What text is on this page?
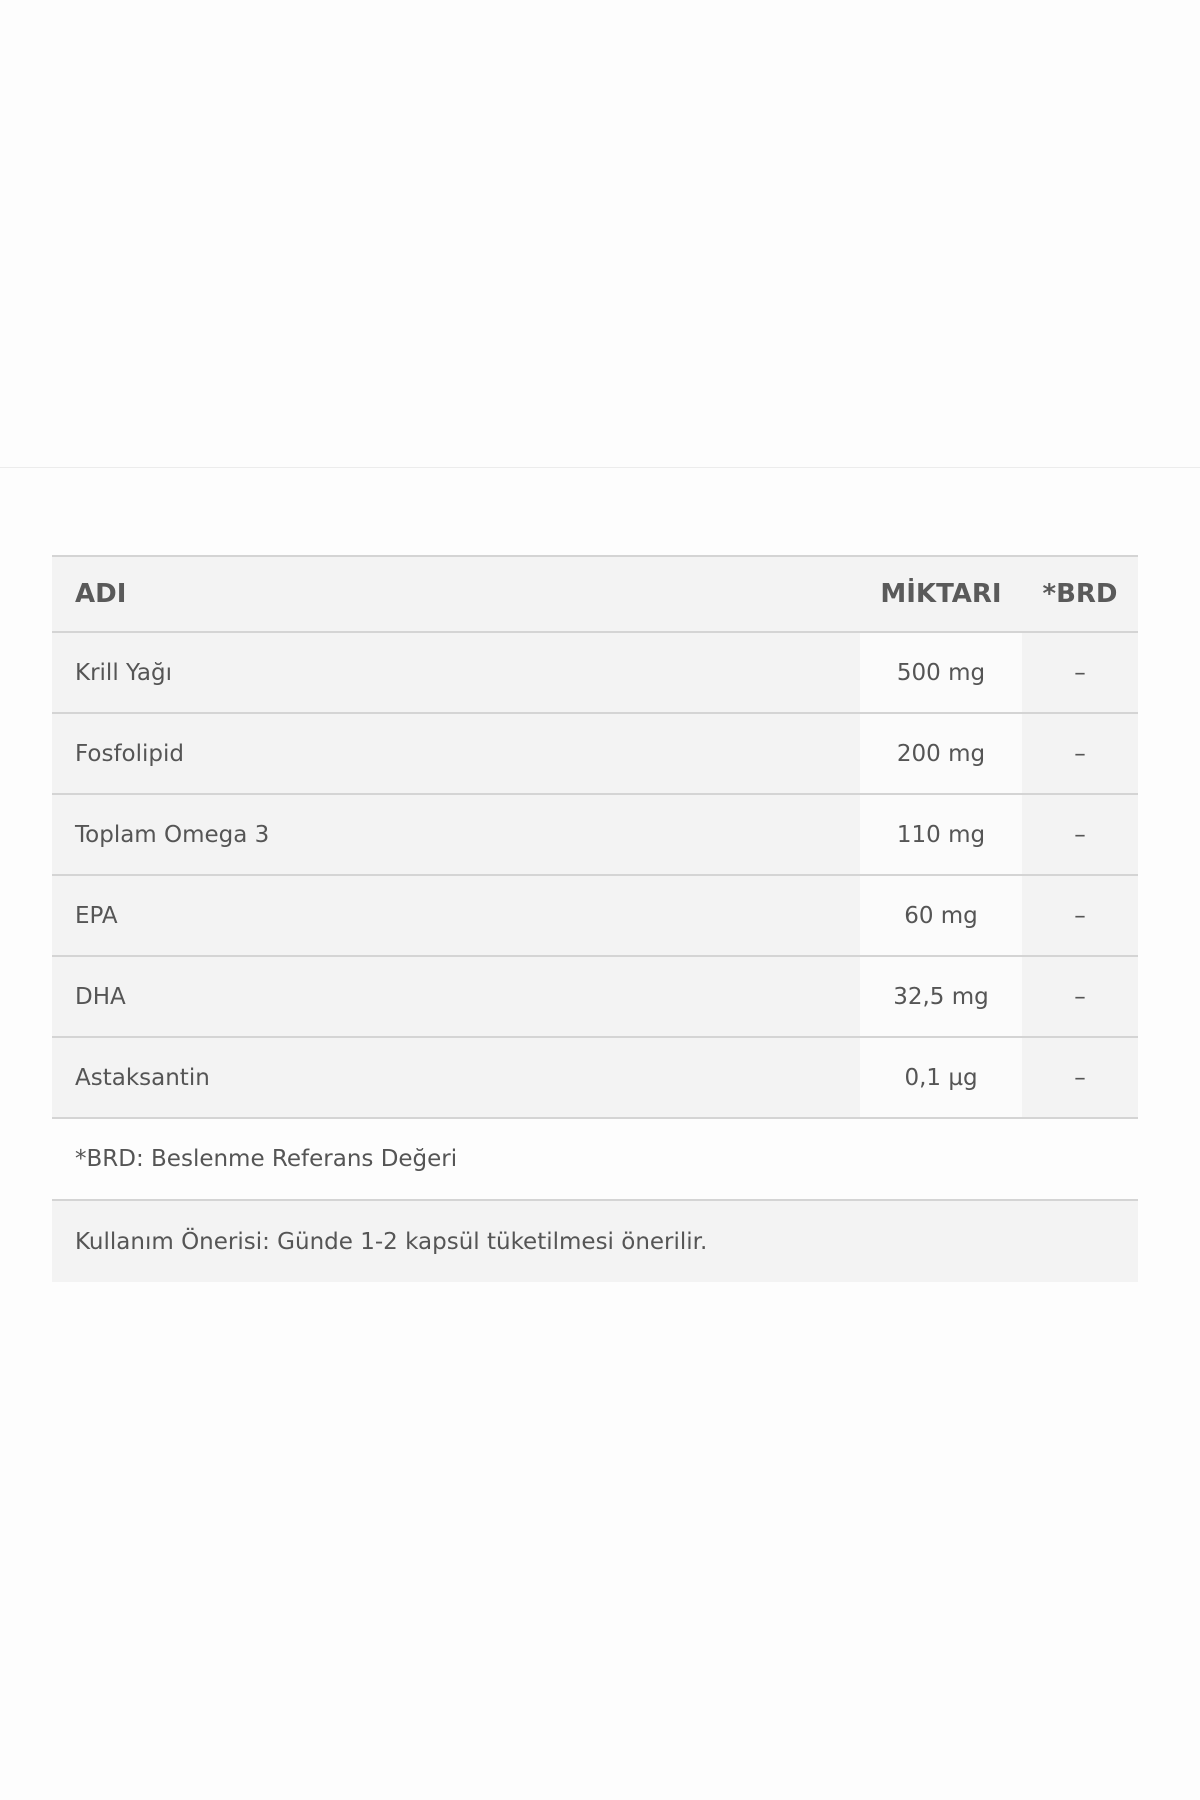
ADI	MİKTARI	*BRD
Krill Yağı	500 mg	–
Fosfolipid	200 mg	–
Toplam Omega 3	110 mg	–
EPA	60 mg	–
DHA	32,5 mg	–
Astaksantin	0,1 µg	–
*BRD: Beslenme Referans Değeri
Kullanım Önerisi: Günde 1-2 kapsül tüketilmesi önerilir.
